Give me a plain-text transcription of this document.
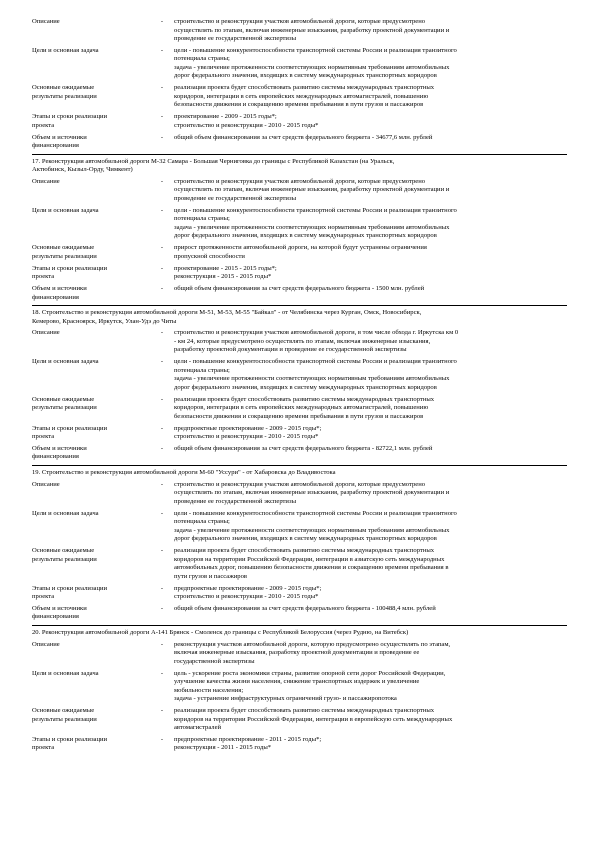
Описание	-	строительство и реконструкция участков автомобильной дороги, которые предусмотрено
осуществлять по этапам, включая инженерные изыскания, разработку проектной документации и
проведение ее государственной экспертизы
Цели и основная задача	-	цели - повышение конкурентоспособности транспортной системы России и реализация транзитного
потенциала страны;
задача - увеличение протяженности соответствующих нормативным требованиям автомобильных
дорог федерального значения, входящих в систему международных транспортных коридоров
Основные ожидаемые
результаты реализации
-	реализация проекта будет способствовать развитию системы международных транспортных
коридоров, интеграции в сеть европейских международных автомагистралей, повышению
безопасности движения и сокращению времени пребывания в пути грузов и пассажиров
Этапы и сроки реализации
проекта
-	проектирование - 2009 - 2015 годы*;
строительство и реконструкция - 2010 - 2015 годы*
Объем и источники
финансирования
-	общий объем финансирования за счет средств федерального бюджета - 34677,6 млн. рублей
17. Реконструкция автомобильной дороги М-32 Самара - Большая Черниговка до границы с Республикой Казахстан (на Уральск,
Актюбинск, Кызыл-Орду, Чимкент)
Описание	-	строительство и реконструкция участков автомобильной дороги, которые предусмотрено
осуществлять по этапам, включая инженерные изыскания, разработку проектной документации и
проведение ее государственной экспертизы
Цели и основная задача	-	цели - повышение конкурентоспособности транспортной системы России и реализация транзитного
потенциала страны;
задача - увеличение протяженности соответствующих нормативным требованиям автомобильных
дорог федерального значения, входящих в систему международных транспортных коридоров
Основные ожидаемые
результаты реализации
-	прирост протяженности автомобильной дороги, на которой будут устранены ограничения
пропускной способности
Этапы и сроки реализации
проекта
-	проектирование - 2015 - 2015 годы*;
реконструкция - 2015 - 2015 годы*
Объем и источники
финансирования
-	общий объем финансирования за счет средств федерального бюджета - 1500 млн. рублей
18. Строительство и реконструкция автомобильной дороги М-51, М-53, М-55 "Байкал" - от Челябинска через Курган, Омск, Новосибирск,
Кемерово, Красноярск, Иркутск, Улан-Удэ до Читы
Описание	-	строительство и реконструкция участков автомобильной дороги, в том числе обхода г. Иркутска км 0
- км 24, которые предусмотрено осуществлять по этапам, включая инженерные изыскания,
разработку проектной документации и проведение ее государственной экспертизы
Цели и основная задача	-	цели - повышение конкурентоспособности транспортной системы России и реализация транзитного
потенциала страны;
задача - увеличение протяженности соответствующих нормативным требованиям автомобильных
дорог федерального значения, входящих в систему международных транспортных коридоров
Основные ожидаемые
результаты реализации
-	реализация проекта будет способствовать развитию системы международных транспортных
коридоров, интеграции в сеть европейских международных автомагистралей, повышению
безопасности движения и сокращению времени пребывания в пути грузов и пассажиров
Этапы и сроки реализации
проекта
-	предпроектные проектирование - 2009 - 2015 годы*;
строительство и реконструкция - 2010 - 2015 годы*
Объем и источники
финансирования
-	общий объем финансирования за счет средств федерального бюджета - 82722,1 млн. рублей
19. Строительство и реконструкция автомобильной дороги М-60 "Уссури" - от Хабаровска до Владивостока
Описание	-	строительство и реконструкция участков автомобильной дороги, которые предусмотрено
осуществлять по этапам, включая инженерные изыскания, разработку проектной документации и
проведение ее государственной экспертизы
Цели и основная задача	-	цели - повышение конкурентоспособности транспортной системы России и реализация транзитного
потенциала страны;
задача - увеличение протяженности соответствующих нормативным требованиям автомобильных
дорог федерального значения, входящих в систему международных транспортных коридоров
Основные ожидаемые
результаты реализации
-	реализация проекта будет способствовать развитию системы международных транспортных
коридоров на территории Российской Федерации, интеграции в азиатскую сеть международных
автомобильных дорог, повышению безопасности движения и сокращению времени пребывания в
пути грузов и пассажиров
Этапы и сроки реализации
проекта
-	предпроектные проектирование - 2009 - 2015 годы*;
строительство и реконструкция - 2010 - 2015 годы*
Объем и источники
финансирования
-	общий объем финансирования за счет средств федерального бюджета - 100488,4 млн. рублей
20. Реконструкция автомобильной дороги А-141 Брянск - Смоленск до границы с Республикой Белоруссия (через Рудню, на Витебск)
Описание	-	реконструкция участков автомобильной дороги, которую предусмотрено осуществлять по этапам,
включая инженерные изыскания, разработку проектной документации и проведение ее
государственной экспертизы
Цели и основная задача	-	цель - ускорение роста экономики страны, развитие опорной сети дорог Российской Федерации,
улучшение качества жизни населения, снижение транспортных издержек и увеличение
мобильности населения;
задача - устранение инфраструктурных ограничений грузо- и пассажиропотока
Основные ожидаемые
результаты реализации
-	реализация проекта будет способствовать развитию системы международных транспортных
коридоров на территории Российской Федерации, интеграции в европейскую сеть международных
автомагистралей
Этапы и сроки реализации
проекта
-	предпроектные проектирование - 2011 - 2015 годы*;
реконструкция - 2011 - 2015 годы*
